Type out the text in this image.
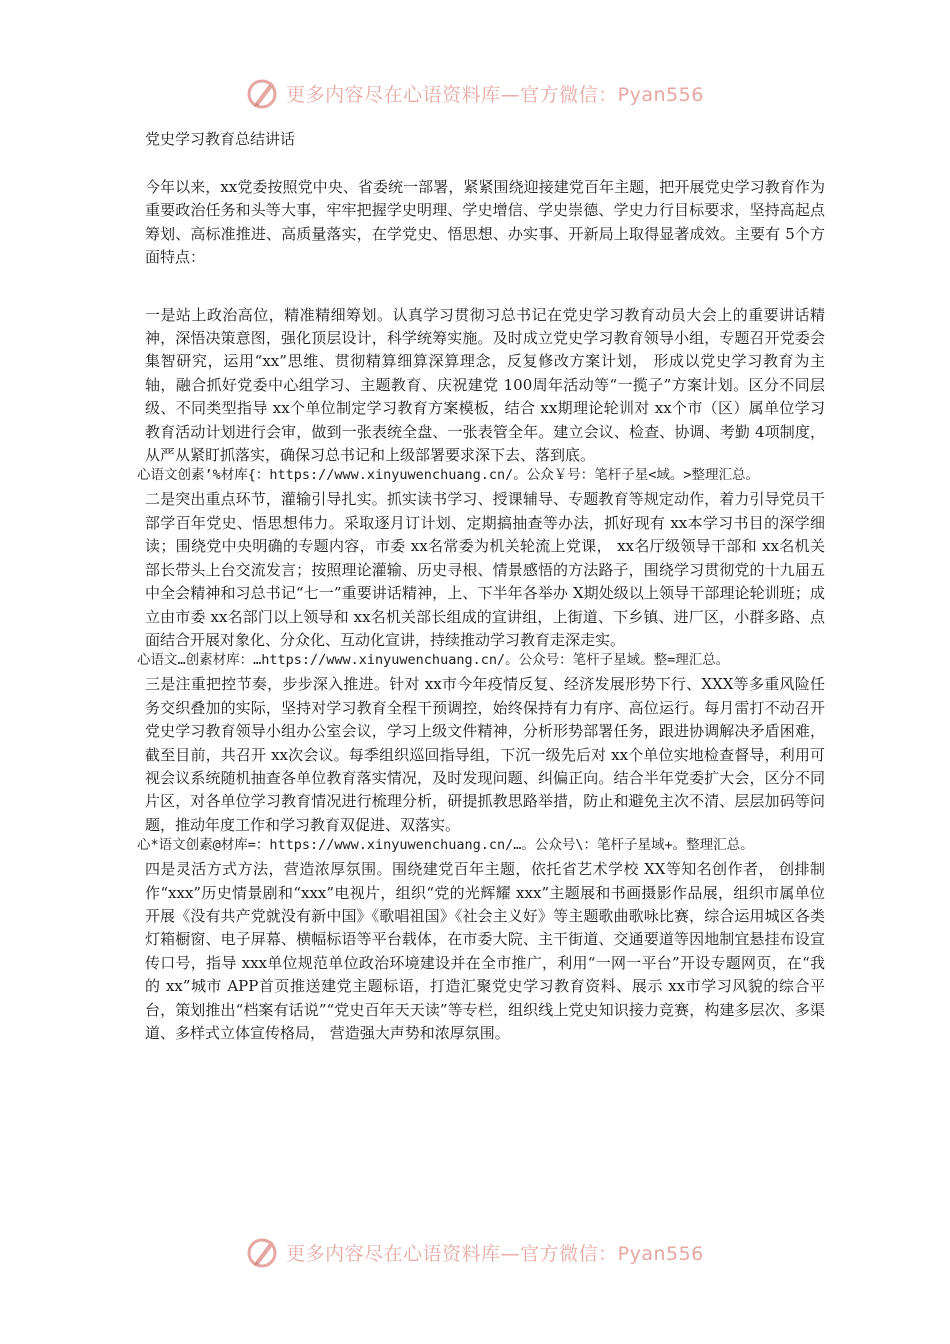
更多内容尽在心语资料库—官方微信：Pyan556

党史学习教育总结讲话

今年以来，xx党委按照党中央、省委统一部署，紧紧围绕迎接建党百年主题，把开展党史学习教育作为重要政治任务和头等大事，牢牢把握学史明理、学史增信、学史崇德、学史力行目标要求，坚持高起点筹划、高标准推进、高质量落实，在学党史、悟思想、办实事、开新局上取得显著成效。主要有 5个方面特点：

一是站上政治高位，精准精细筹划。认真学习贯彻习总书记在党史学习教育动员大会上的重要讲话精神，深悟决策意图，强化顶层设计，科学统筹实施。及时成立党史学习教育领导小组，专题召开党委会集智研究，运用“xx”思维、贯彻精算细算深算理念，反复修改方案计划， 形成以党史学习教育为主轴，融合抓好党委中心组学习、主题教育、庆祝建党 100周年活动等“一揽子”方案计划。区分不同层级、不同类型指导 xx个单位制定学习教育方案模板，结合 xx期理论轮训对 xx个市（区）属单位学习教育活动计划进行会审，做到一张表统全盘、一张表管全年。建立会议、检查、协调、考勤 4项制度，从严从紧盯抓落实，确保习总书记和上级部署要求深下去、落到底。

心语文创素’%材库{：https://www.xinyuwenchuang.cn/。公众￥号：笔杆子星<域。>整理汇总。

二是突出重点环节，灌输引导扎实。抓实读书学习、授课辅导、专题教育等规定动作，着力引导党员干部学百年党史、悟思想伟力。采取逐月订计划、定期搞抽查等办法，抓好现有 xx本学习书目的深学细读；围绕党中央明确的专题内容，市委 xx名常委为机关轮流上党课， xx名厅级领导干部和 xx名机关部长带头上台交流发言；按照理论灌输、历史寻根、情景感悟的方法路子，围绕学习贯彻党的十九届五中全会精神和习总书记“七一”重要讲话精神，上、下半年各举办 X期处级以上领导干部理论轮训班；成立由市委 xx名部门以上领导和 xx名机关部长组成的宣讲组，上街道、下乡镇、进厂区，小群多路、点面结合开展对象化、分众化、互动化宣讲，持续推动学习教育走深走实。

心语文…创素材库：…https://www.xinyuwenchuang.cn/。公众号：笔杆子星域。整=理汇总。

三是注重把控节奏，步步深入推进。针对 xx市今年疫情反复、经济发展形势下行、XXX等多重风险任务交织叠加的实际，坚持对学习教育全程干预调控，始终保持有力有序、高位运行。每月雷打不动召开党史学习教育领导小组办公室会议，学习上级文件精神，分析形势部署任务，跟进协调解决矛盾困难，截至目前，共召开 xx次会议。每季组织巡回指导组，下沉一级先后对 xx个单位实地检查督导，利用可视会议系统随机抽查各单位教育落实情况，及时发现问题、纠偏正向。结合半年党委扩大会，区分不同片区，对各单位学习教育情况进行梳理分析，研提抓教思路举措，防止和避免主次不清、层层加码等问题，推动年度工作和学习教育双促进、双落实。

心*语文创素@材库=：https://www.xinyuwenchuang.cn/…。公众号\：笔杆子星域+。整理汇总。

四是灵活方式方法，营造浓厚氛围。围绕建党百年主题，依托省艺术学校 XX等知名创作者， 创排制作“xxx”历史情景剧和“xxx”电视片，组织“党的光辉耀 xxx”主题展和书画摄影作品展，组织市属单位开展《没有共产党就没有新中国》《歌唱祖国》《社会主义好》等主题歌曲歌咏比赛，综合运用城区各类灯箱橱窗、电子屏幕、横幅标语等平台载体，在市委大院、主干街道、交通要道等因地制宜悬挂布设宣传口号，指导 xxx单位规范单位政治环境建设并在全市推广，利用“一网一平台”开设专题网页，在“我的 xx”城市 APP首页推送建党主题标语，打造汇聚党史学习教育资料、展示 xx市学习风貌的综合平台，策划推出“档案有话说”“党史百年天天读”等专栏，组织线上党史知识接力竞赛，构建多层次、多渠道、多样式立体宣传格局， 营造强大声势和浓厚氛围。

更多内容尽在心语资料库—官方微信：Pyan556
